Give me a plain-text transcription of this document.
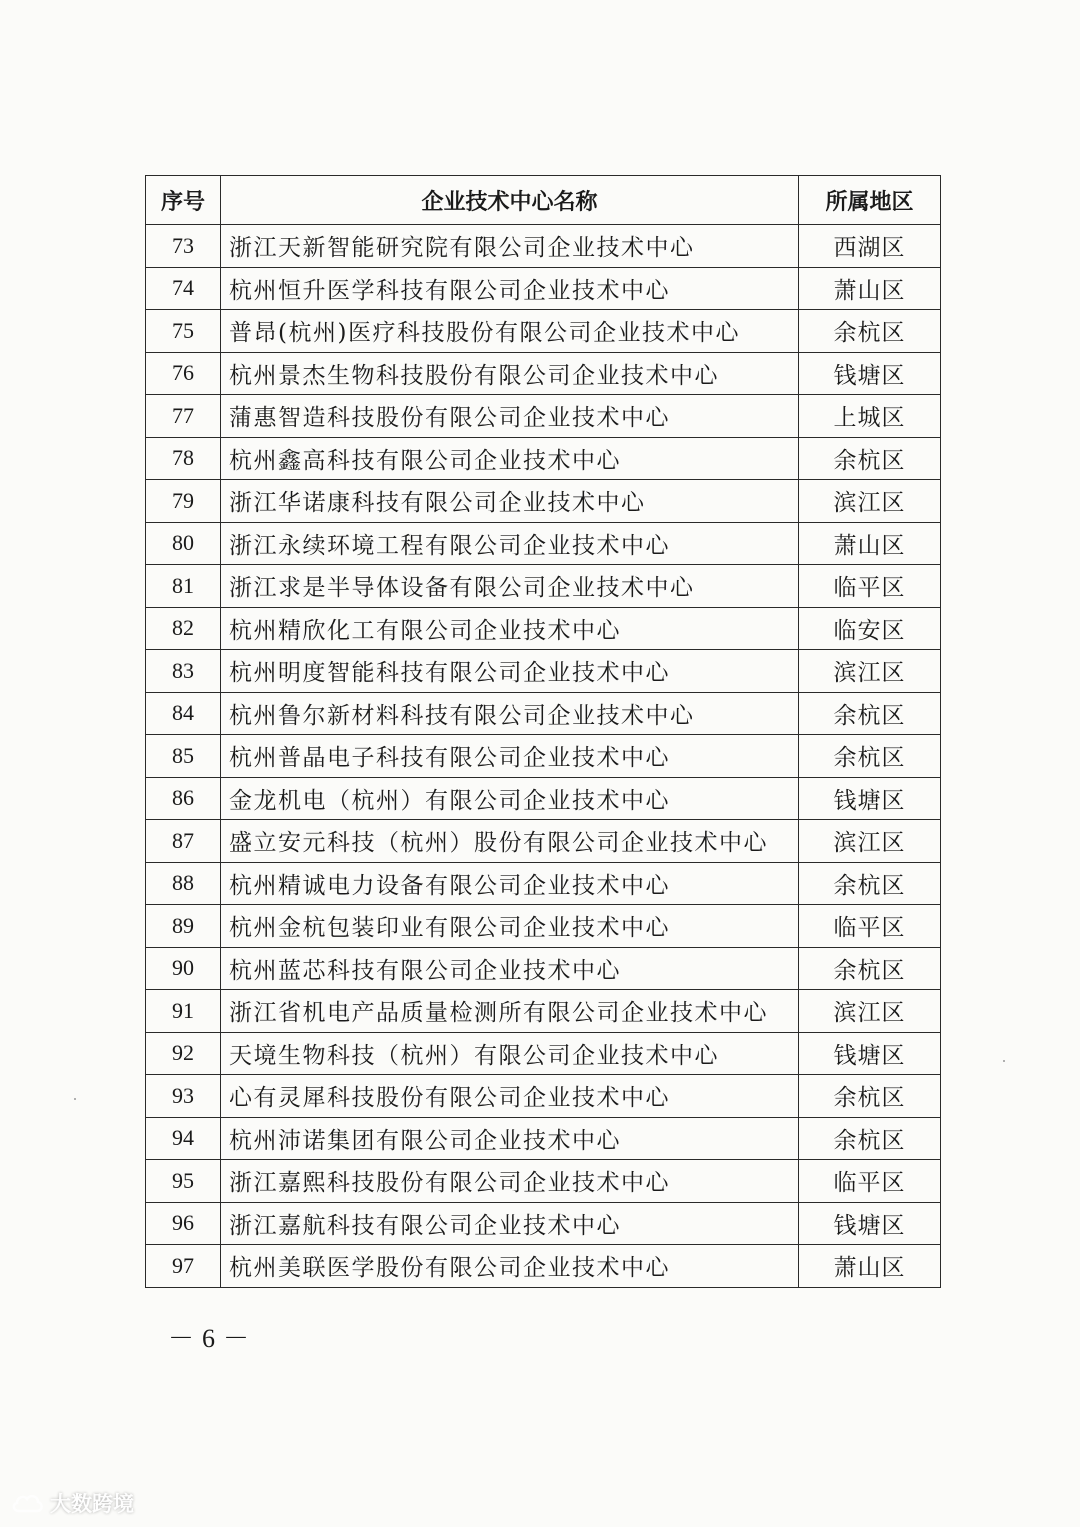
序号	企业技术中心名称	所属地区
73	浙江天新智能研究院有限公司企业技术中心	西湖区
74	杭州恒升医学科技有限公司企业技术中心	萧山区
75	普昂(杭州)医疗科技股份有限公司企业技术中心	余杭区
76	杭州景杰生物科技股份有限公司企业技术中心	钱塘区
77	蒲惠智造科技股份有限公司企业技术中心	上城区
78	杭州鑫高科技有限公司企业技术中心	余杭区
79	浙江华诺康科技有限公司企业技术中心	滨江区
80	浙江永续环境工程有限公司企业技术中心	萧山区
81	浙江求是半导体设备有限公司企业技术中心	临平区
82	杭州精欣化工有限公司企业技术中心	临安区
83	杭州明度智能科技有限公司企业技术中心	滨江区
84	杭州鲁尔新材料科技有限公司企业技术中心	余杭区
85	杭州普晶电子科技有限公司企业技术中心	余杭区
86	金龙机电（杭州）有限公司企业技术中心	钱塘区
87	盛立安元科技（杭州）股份有限公司企业技术中心	滨江区
88	杭州精诚电力设备有限公司企业技术中心	余杭区
89	杭州金杭包装印业有限公司企业技术中心	临平区
90	杭州蓝芯科技有限公司企业技术中心	余杭区
91	浙江省机电产品质量检测所有限公司企业技术中心	滨江区
92	天境生物科技（杭州）有限公司企业技术中心	钱塘区
93	心有灵犀科技股份有限公司企业技术中心	余杭区
94	杭州沛诺集团有限公司企业技术中心	余杭区
95	浙江嘉熙科技股份有限公司企业技术中心	临平区
96	浙江嘉航科技有限公司企业技术中心	钱塘区
97	杭州美联医学股份有限公司企业技术中心	萧山区
－6－
大数跨境
